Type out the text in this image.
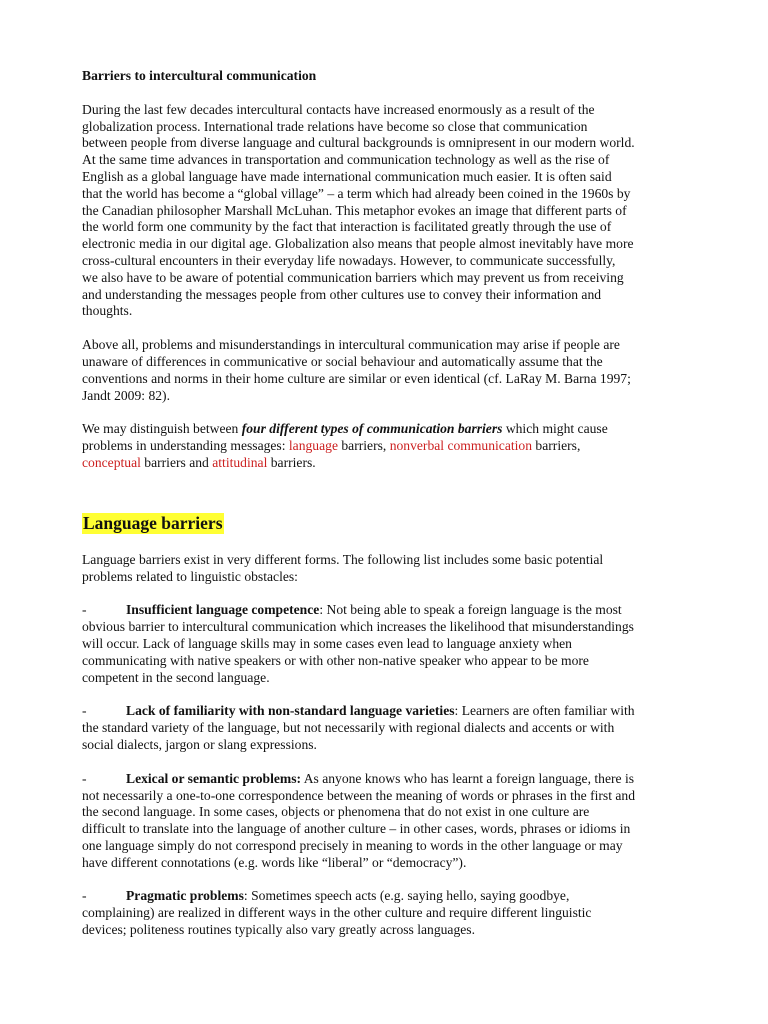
Barriers to intercultural communication

During the last few decades intercultural contacts have increased enormously as a result of the
globalization process. International trade relations have become so close that communication
between people from diverse language and cultural backgrounds is omnipresent in our modern world.
At the same time advances in transportation and communication technology as well as the rise of
English as a global language have made international communication much easier. It is often said
that the world has become a “global village” – a term which had already been coined in the 1960s by
the Canadian philosopher Marshall McLuhan. This metaphor evokes an image that different parts of
the world form one community by the fact that interaction is facilitated greatly through the use of
electronic media in our digital age. Globalization also means that people almost inevitably have more
cross-cultural encounters in their everyday life nowadays. However, to communicate successfully,
we also have to be aware of potential communication barriers which may prevent us from receiving
and understanding the messages people from other cultures use to convey their information and
thoughts.

Above all, problems and misunderstandings in intercultural communication may arise if people are
unaware of differences in communicative or social behaviour and automatically assume that the
conventions and norms in their home culture are similar or even identical (cf. LaRay M. Barna 1997;
Jandt 2009: 82).

We may distinguish between four different types of communication barriers which might cause
problems in understanding messages: language barriers, nonverbal communication barriers,
conceptual barriers and attitudinal barriers.

Language barriers

Language barriers exist in very different forms. The following list includes some basic potential
problems related to linguistic obstacles:

-	Insufficient language competence: Not being able to speak a foreign language is the most
obvious barrier to intercultural communication which increases the likelihood that misunderstandings
will occur. Lack of language skills may in some cases even lead to language anxiety when
communicating with native speakers or with other non-native speaker who appear to be more
competent in the second language.

-	Lack of familiarity with non-standard language varieties: Learners are often familiar with
the standard variety of the language, but not necessarily with regional dialects and accents or with
social dialects, jargon or slang expressions.

-	Lexical or semantic problems: As anyone knows who has learnt a foreign language, there is
not necessarily a one-to-one correspondence between the meaning of words or phrases in the first and
the second language. In some cases, objects or phenomena that do not exist in one culture are
difficult to translate into the language of another culture – in other cases, words, phrases or idioms in
one language simply do not correspond precisely in meaning to words in the other language or may
have different connotations (e.g. words like “liberal” or “democracy”).

-	Pragmatic problems: Sometimes speech acts (e.g. saying hello, saying goodbye,
complaining) are realized in different ways in the other culture and require different linguistic
devices; politeness routines typically also vary greatly across languages.
